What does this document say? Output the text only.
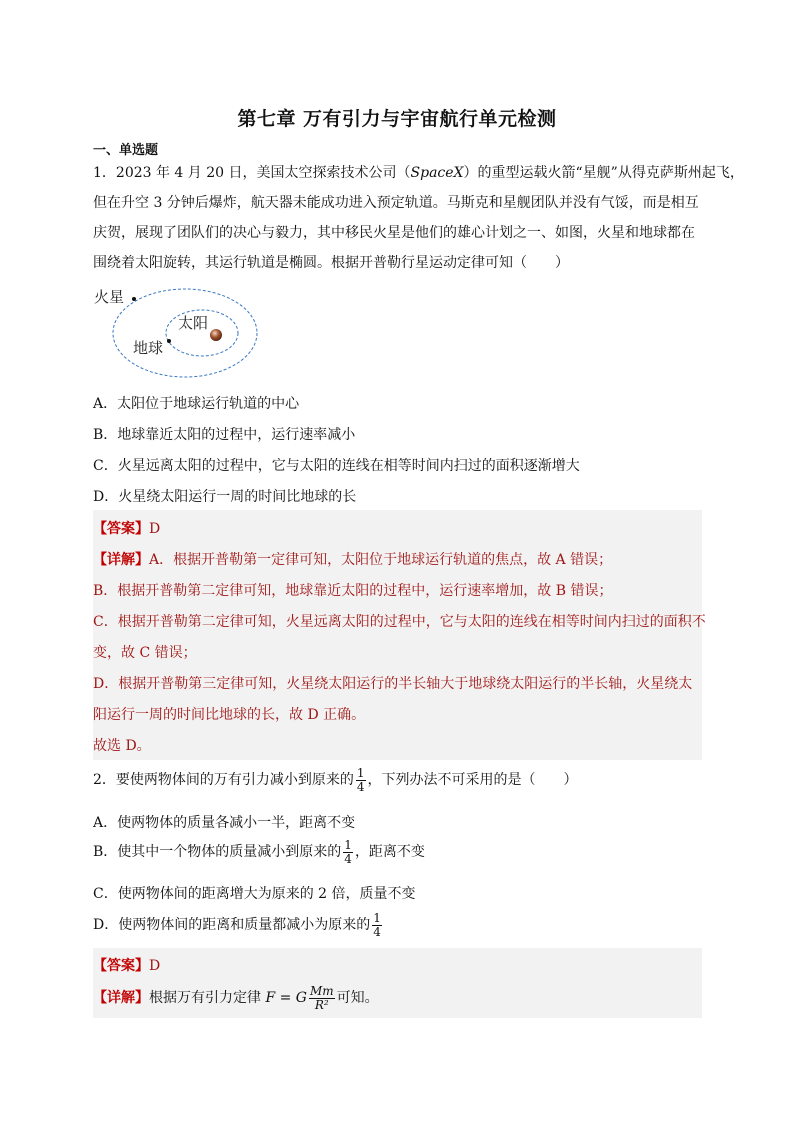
第七章 万有引力与宇宙航行单元检测
一、单选题
1．2023 年 4 月 20 日，美国太空探索技术公司（SpaceX）的重型运载火箭“星舰”从得克萨斯州起飞，
但在升空 3 分钟后爆炸，航天器未能成功进入预定轨道。马斯克和星舰团队并没有气馁，而是相互
庆贺，展现了团队们的决心与毅力，其中移民火星是他们的雄心计划之一、如图，火星和地球都在
围绕着太阳旋转，其运行轨道是椭圆。根据开普勒行星运动定律可知（　　）
火星
太阳
地球
A．太阳位于地球运行轨道的中心
B．地球靠近太阳的过程中，运行速率减小
C．火星远离太阳的过程中，它与太阳的连线在相等时间内扫过的面积逐渐增大
D．火星绕太阳运行一周的时间比地球的长
【答案】D
【详解】A．根据开普勒第一定律可知，太阳位于地球运行轨道的焦点，故 A 错误；
B．根据开普勒第二定律可知，地球靠近太阳的过程中，运行速率增加，故 B 错误；
C．根据开普勒第二定律可知，火星远离太阳的过程中，它与太阳的连线在相等时间内扫过的面积不
变，故 C 错误；
D．根据开普勒第三定律可知，火星绕太阳运行的半长轴大于地球绕太阳运行的半长轴，火星绕太
阳运行一周的时间比地球的长，故 D 正确。
故选 D。
2．要使两物体间的万有引力减小到原来的 $\frac{1}{4}$ ，下列办法不可采用的是（　　）
A．使两物体的质量各减小一半，距离不变
B．使其中一个物体的质量减小到原来的 $\frac{1}{4}$ ，距离不变
C．使两物体间的距离增大为原来的 2 倍，质量不变
D．使两物体间的距离和质量都减小为原来的 $\frac{1}{4}$
【答案】D
【详解】根据万有引力定律 F = G $\frac{Mm}{\text{R²}}$ 可知。
